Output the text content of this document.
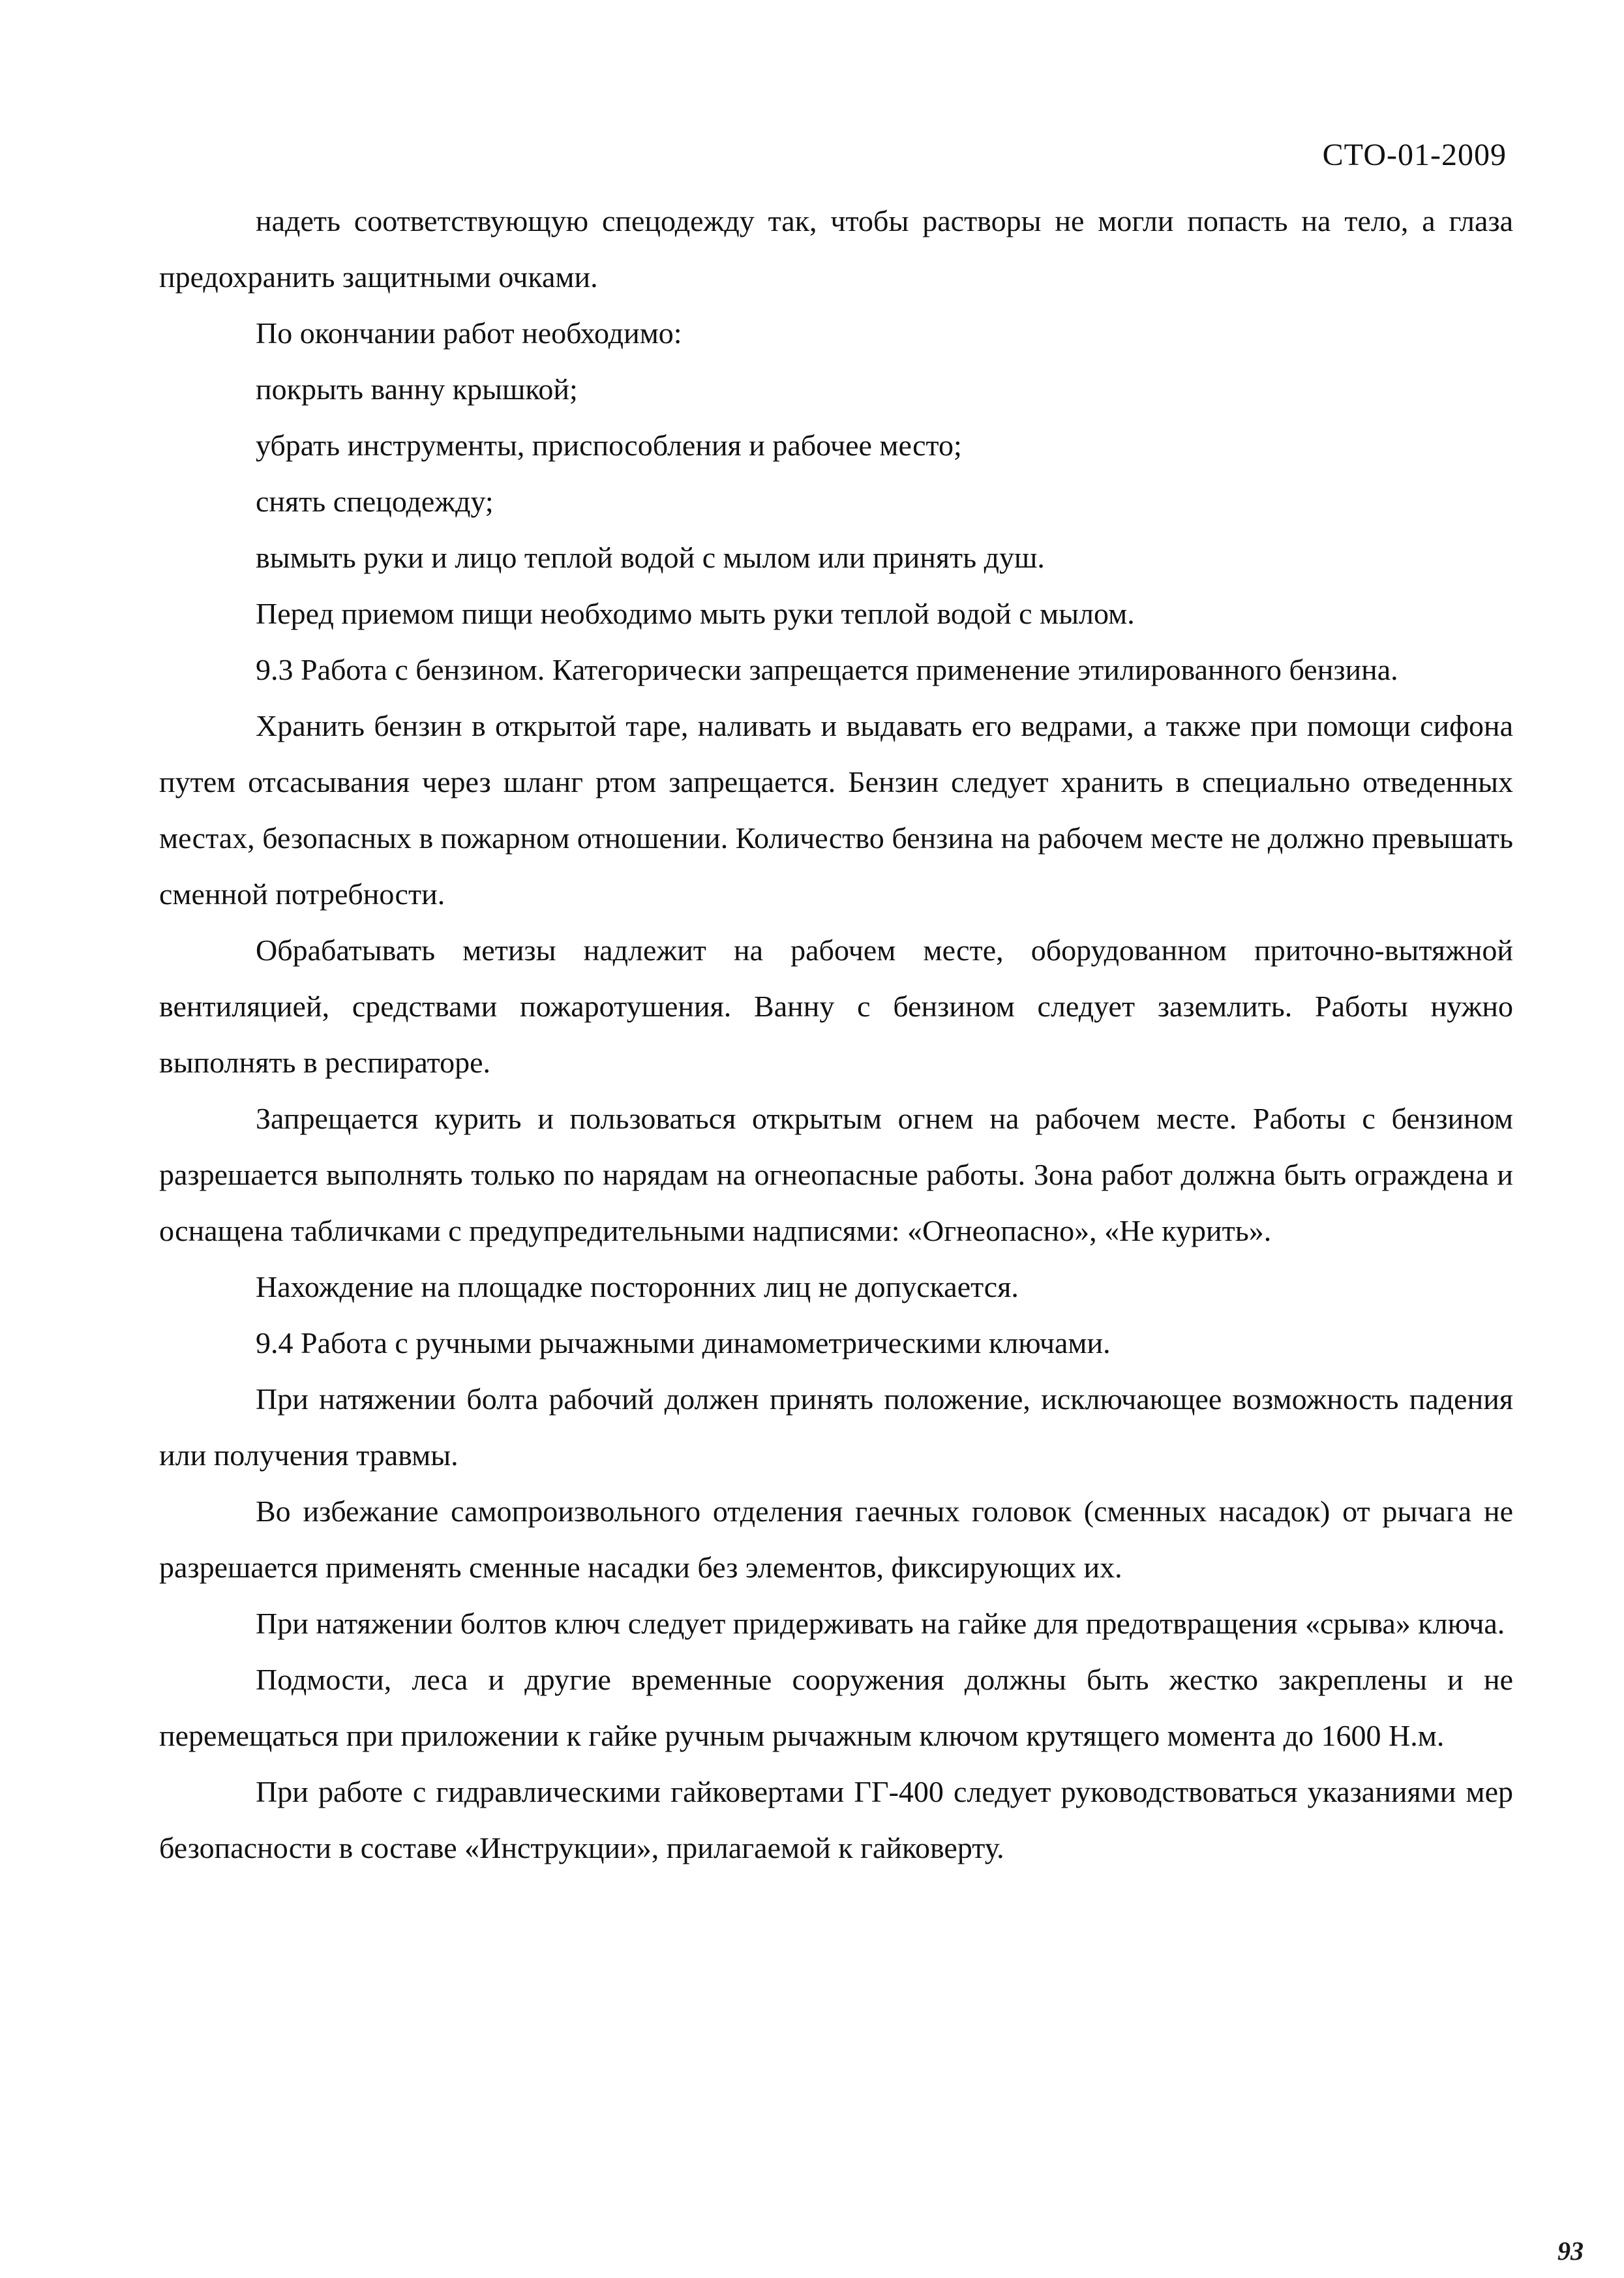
СТО-01-2009

надеть соответствующую спецодежду так, чтобы растворы не могли попасть на тело, а глаза предохранить защитными очками.

По окончании работ необходимо:

покрыть ванну крышкой;

убрать инструменты, приспособления и рабочее место;

снять спецодежду;

вымыть руки и лицо теплой водой с мылом или принять душ.

Перед приемом пищи необходимо мыть руки теплой водой с мылом.

9.3 Работа с бензином. Категорически запрещается применение этилированного бензина.

Хранить бензин в открытой таре, наливать и выдавать его ведрами, а также при помощи сифона путем отсасывания через шланг ртом запрещается. Бензин следует хранить в специально отведенных местах, безопасных в пожарном отношении. Количество бензина на рабочем месте не должно превышать сменной потребности.

Обрабатывать метизы надлежит на рабочем месте, оборудованном приточно-вытяжной вентиляцией, средствами пожаротушения. Ванну с бензином следует заземлить. Работы нужно выполнять в респираторе.

Запрещается курить и пользоваться открытым огнем на рабочем месте. Работы с бензином разрешается выполнять только по нарядам на огнеопасные работы. Зона работ должна быть ограждена и оснащена табличками с предупредительными надписями: «Огнеопасно», «Не курить».

Нахождение на площадке посторонних лиц не допускается.

9.4 Работа с ручными рычажными динамометрическими ключами.

При натяжении болта рабочий должен принять положение, исключающее возможность падения или получения травмы.

Во избежание самопроизвольного отделения гаечных головок (сменных насадок) от рычага не разрешается применять сменные насадки без элементов, фиксирующих их.

При натяжении болтов ключ следует придерживать на гайке для предотвращения «срыва» ключа.

Подмости, леса и другие временные сооружения должны быть жестко закреплены и не перемещаться при приложении к гайке ручным рычажным ключом крутящего момента до 1600 Н.м.

При работе с гидравлическими гайковертами ГГ-400 следует руководствоваться указаниями мер безопасности в составе «Инструкции», прилагаемой к гайковерту.

93
